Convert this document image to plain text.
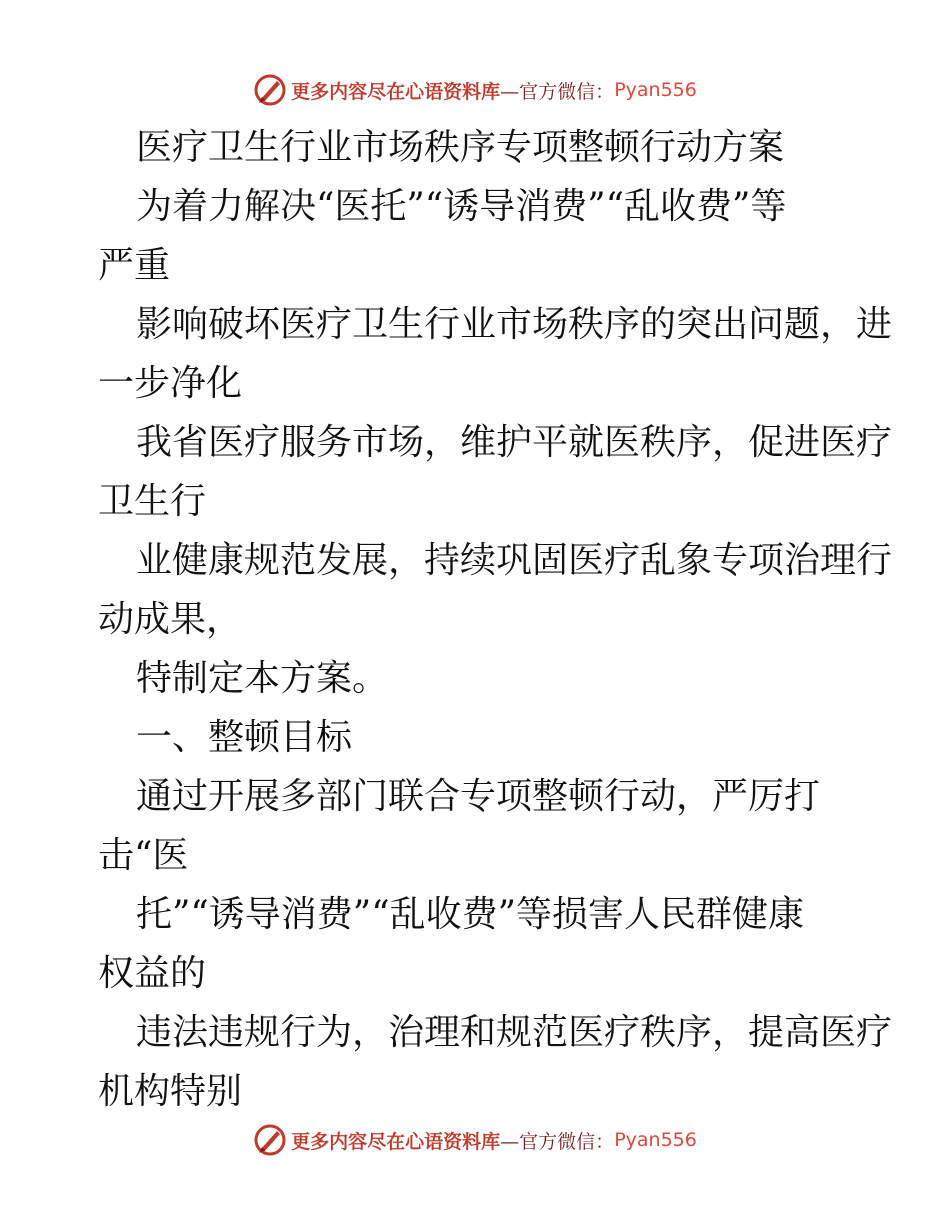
更多内容尽在心语资料库 —官方微信： Pyan556
医疗卫生行业市场秩序专项整顿行动方案
为着力解决“医托”“诱导消费”“乱收费”等
严重
影响破坏医疗卫生行业市场秩序的突出问题，进
一步净化
我省医疗服务市场，维护平就医秩序，促进医疗
卫生行
业健康规范发展，持续巩固医疗乱象专项治理行
动成果，
特制定本方案。
一、整顿目标
通过开展多部门联合专项整顿行动，严厉打
击“医
托”“诱导消费”“乱收费”等损害人民群健康
权益的
违法违规行为，治理和规范医疗秩序，提高医疗
机构特别
更多内容尽在心语资料库 —官方微信： Pyan556
